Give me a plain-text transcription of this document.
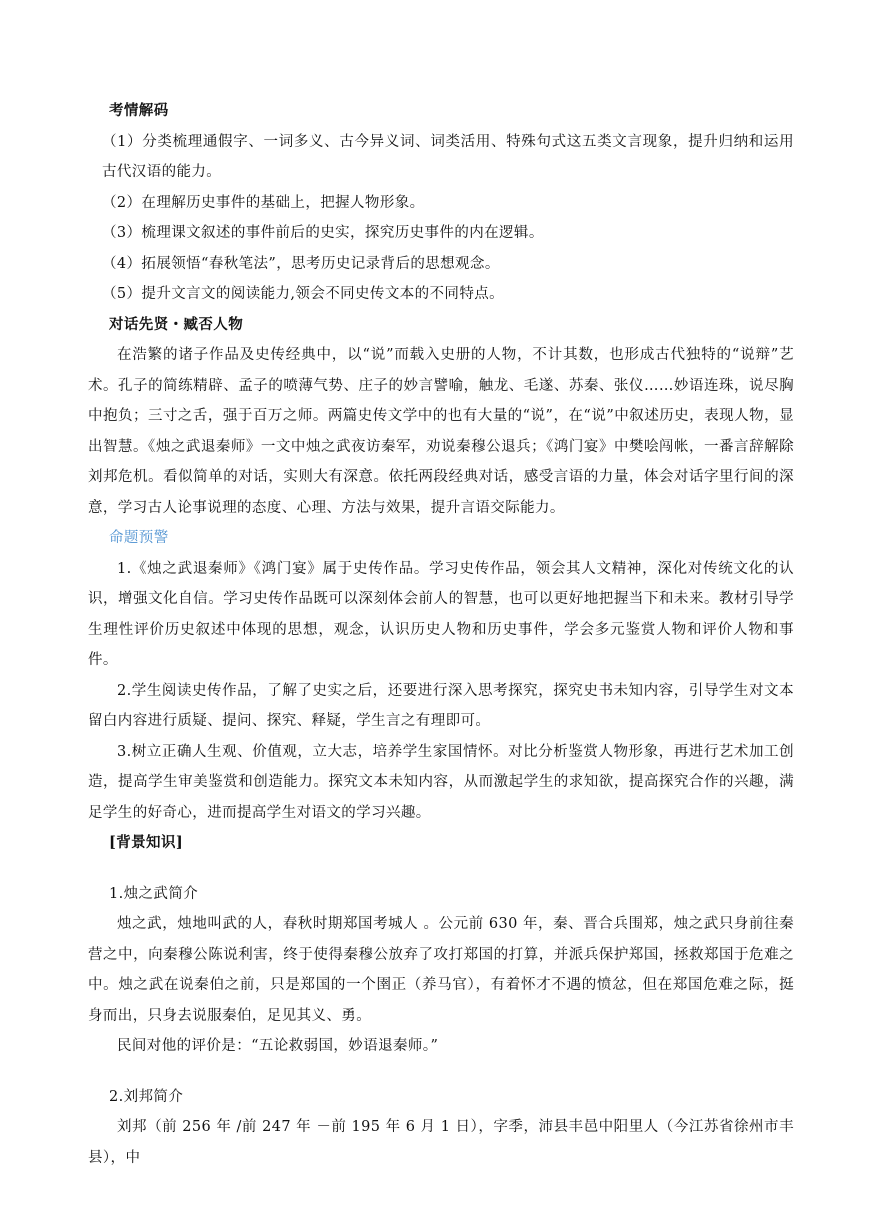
考情解码

（1）分类梳理通假字、一词多义、古今异义词、词类活用、特殊句式这五类文言现象，提升归纳和运用古代汉语的能力。

（2）在理解历史事件的基础上，把握人物形象。

（3）梳理课文叙述的事件前后的史实，探究历史事件的内在逻辑。

（4）拓展领悟“春秋笔法”，思考历史记录背后的思想观念。

（5）提升文言文的阅读能力,领会不同史传文本的不同特点。

对话先贤・臧否人物

在浩繁的诸子作品及史传经典中，以“说”而载入史册的人物，不计其数，也形成古代独特的“说辩”艺术。孔子的简练精辟、孟子的喷薄气势、庄子的妙言譬喻，触龙、毛遂、苏秦、张仪……妙语连珠，说尽胸中抱负；三寸之舌，强于百万之师。两篇史传文学中的也有大量的“说”，在“说”中叙述历史，表现人物，显出智慧。《烛之武退秦师》一文中烛之武夜访秦军，劝说秦穆公退兵；《鸿门宴》中樊哙闯帐，一番言辞解除刘邦危机。看似简单的对话，实则大有深意。依托两段经典对话，感受言语的力量，体会对话字里行间的深意，学习古人论事说理的态度、心理、方法与效果，提升言语交际能力。

命题预警

1.《烛之武退秦师》《鸿门宴》属于史传作品。学习史传作品，领会其人文精神，深化对传统文化的认识，增强文化自信。学习史传作品既可以深刻体会前人的智慧，也可以更好地把握当下和未来。教材引导学生理性评价历史叙述中体现的思想，观念，认识历史人物和历史事件，学会多元鉴赏人物和评价人物和事件。

2.学生阅读史传作品，了解了史实之后，还要进行深入思考探究，探究史书未知内容，引导学生对文本留白内容进行质疑、提问、探究、释疑，学生言之有理即可。

3.树立正确人生观、价值观，立大志，培养学生家国情怀。对比分析鉴赏人物形象，再进行艺术加工创造，提高学生审美鉴赏和创造能力。探究文本未知内容，从而激起学生的求知欲，提高探究合作的兴趣，满足学生的好奇心，进而提高学生对语文的学习兴趣。

[背景知识]

1.烛之武简介

烛之武，烛地叫武的人，春秋时期郑国考城人 。公元前 630 年，秦、晋合兵围郑，烛之武只身前往秦营之中，向秦穆公陈说利害，终于使得秦穆公放弃了攻打郑国的打算，并派兵保护郑国，拯救郑国于危难之中。烛之武在说秦伯之前，只是郑国的一个圉正（养马官），有着怀才不遇的愤忿，但在郑国危难之际，挺身而出，只身去说服秦伯，足见其义、勇。

民间对他的评价是：“五论救弱国，妙语退秦师。”

2.刘邦简介

刘邦（前 256 年 /前 247 年 －前 195 年 6 月 1 日），字季，沛县丰邑中阳里人（今江苏省徐州市丰县），中
